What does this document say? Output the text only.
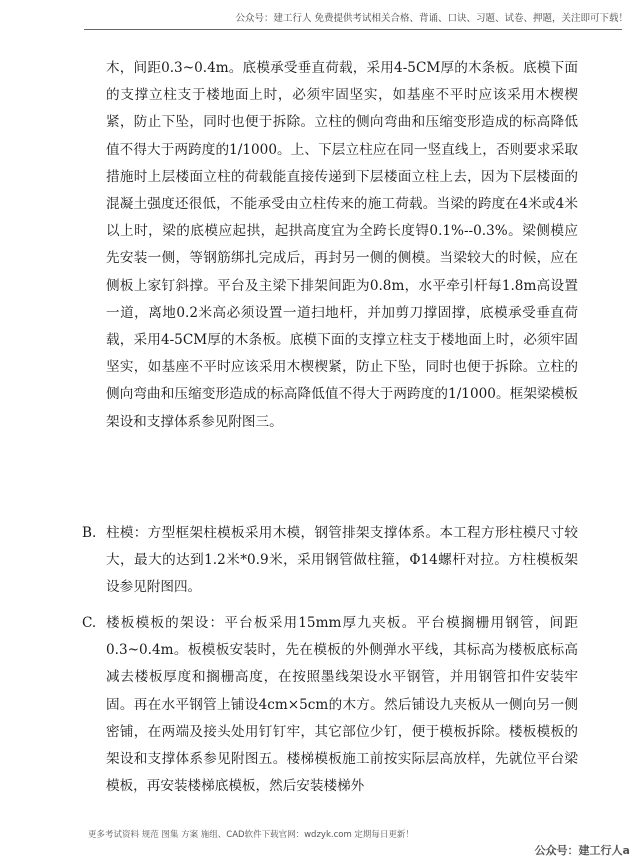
公众号：建工行人 免费提供考试相关合格、背诵、口诀、习题、试卷、押题，关注即可下载！

木，间距0.3~0.4m。底模承受垂直荷载，采用4-5CM厚的木条板。底模下面的支撑立柱支于楼地面上时，必须牢固坚实，如基座不平时应该采用木楔楔紧，防止下坠，同时也便于拆除。立柱的侧向弯曲和压缩变形造成的标高降低值不得大于两跨度的1/1000。上、下层立柱应在同一竖直线上，否则要求采取措施时上层楼面立柱的荷载能直接传递到下层楼面立柱上去，因为下层楼面的混凝土强度还很低，不能承受由立柱传来的施工荷载。当梁的跨度在4米或4米以上时，梁的底模应起拱，起拱高度宜为全跨长度锝0.1%--0.3%。梁侧模应先安装一侧，等钢筋绑扎完成后，再封另一侧的侧模。当梁较大的时候，应在侧板上家钉斜撑。平台及主梁下排架间距为0.8m，水平牵引杆每1.8m高设置一道，离地0.2米高必须设置一道扫地杆，并加剪刀撑固撑，底模承受垂直荷载，采用4-5CM厚的木条板。底模下面的支撑立柱支于楼地面上时，必须牢固坚实，如基座不平时应该采用木楔楔紧，防止下坠，同时也便于拆除。立柱的侧向弯曲和压缩变形造成的标高降低值不得大于两跨度的1/1000。框架梁模板架设和支撑体系参见附图三。

B. 柱模：方型框架柱模板采用木模，钢管排架支撑体系。本工程方形柱模尺寸较大，最大的达到1.2米*0.9米，采用钢管做柱箍，Φ14螺杆对拉。方柱模板架设参见附图四。

C. 楼板模板的架设：平台板采用15mm厚九夹板。平台模搁栅用钢管，间距0.3~0.4m。板模板安装时，先在模板的外侧弹水平线，其标高为楼板底标高减去楼板厚度和搁栅高度，在按照墨线架设水平钢管，并用钢管扣件安装牢固。再在水平钢管上铺设4cm×5cm的木方。然后铺设九夹板从一侧向另一侧密铺，在两端及接头处用钉钉牢，其它部位少钉，便于模板拆除。楼板模板的架设和支撑体系参见附图五。楼梯模板施工前按实际层高放样，先就位平台梁模板，再安装楼梯底模板，然后安装楼梯外

更多考试资料 规范 图集 方案 施组、CAD软件下载官网：wdzyk.com 定期每日更新！
公众号：建工行人a
